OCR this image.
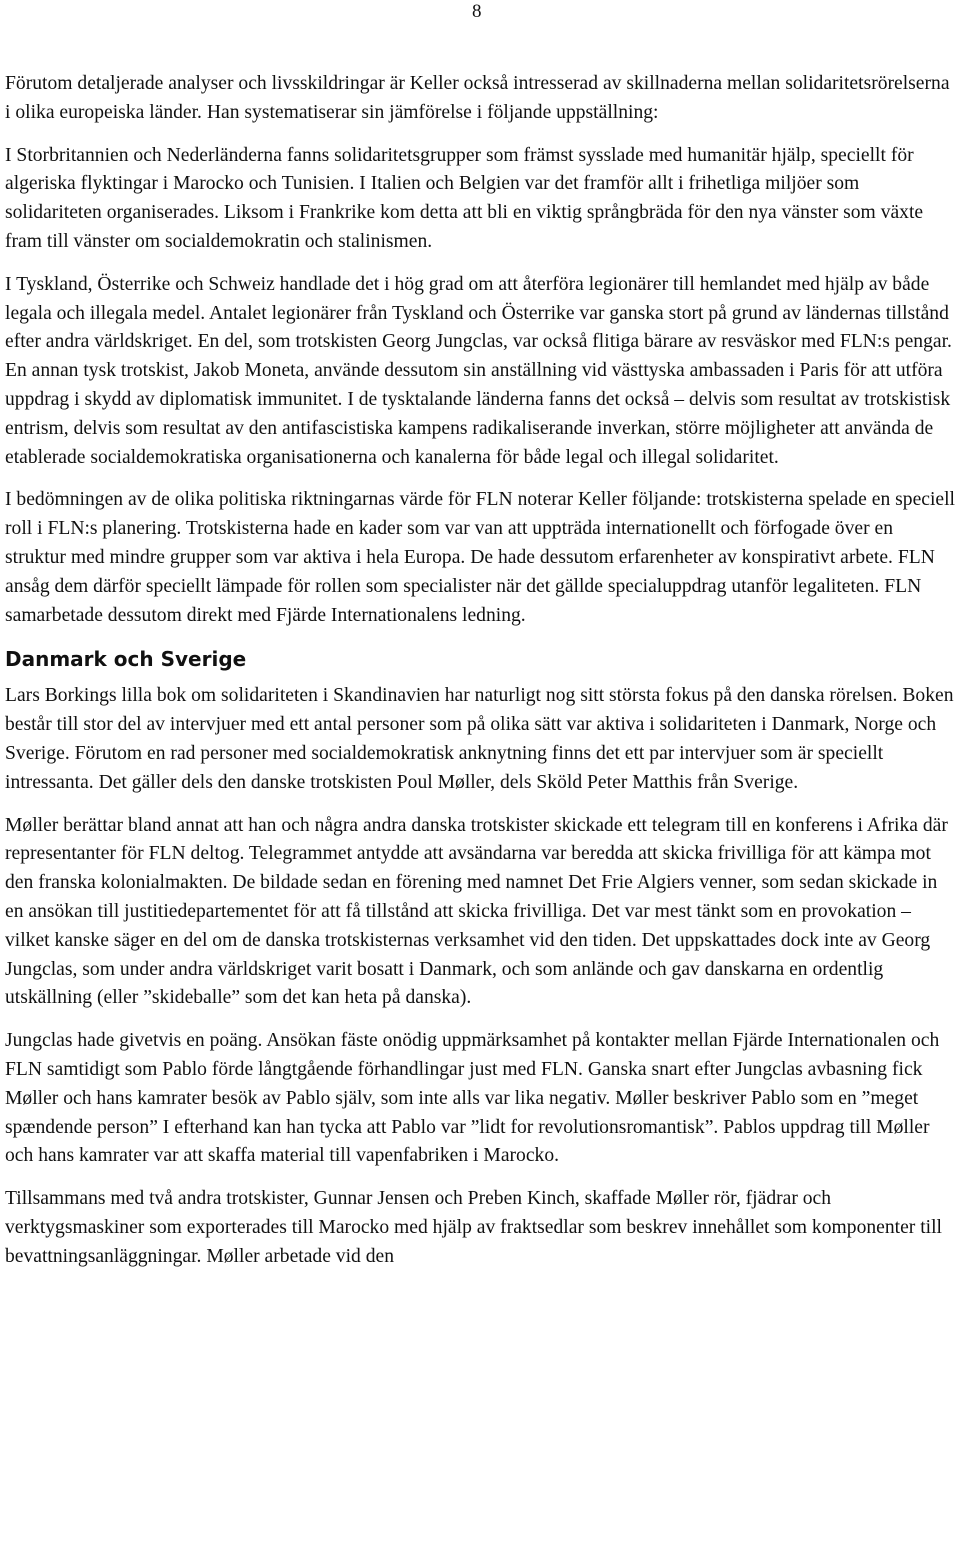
8

Förutom detaljerade analyser och livsskildringar är Keller också intresserad av skillnaderna mellan solidaritetsrörelserna i olika europeiska länder. Han systematiserar sin jämförelse i följande uppställning:

I Storbritannien och Nederländerna fanns solidaritetsgrupper som främst sysslade med humanitär hjälp, speciellt för algeriska flyktingar i Marocko och Tunisien. I Italien och Belgien var det framför allt i frihetliga miljöer som solidariteten organiserades. Liksom i Frankrike kom detta att bli en viktig språngbräda för den nya vänster som växte fram till vänster om socialdemokratin och stalinismen.

I Tyskland, Österrike och Schweiz handlade det i hög grad om att återföra legionärer till hemlandet med hjälp av både legala och illegala medel. Antalet legionärer från Tyskland och Österrike var ganska stort på grund av ländernas tillstånd efter andra världskriget. En del, som trotskisten Georg Jungclas, var också flitiga bärare av resväskor med FLN:s pengar. En annan tysk trotskist, Jakob Moneta, använde dessutom sin anställning vid västtyska ambassaden i Paris för att utföra uppdrag i skydd av diplomatisk immunitet. I de tysktalande länderna fanns det också – delvis som resultat av trotskistisk entrism, delvis som resultat av den antifascistiska kampens radikaliserande inverkan, större möjligheter att använda de etablerade socialdemokratiska organisationerna och kanalerna för både legal och illegal solidaritet.

I bedömningen av de olika politiska riktningarnas värde för FLN noterar Keller följande: trotskisterna spelade en speciell roll i FLN:s planering. Trotskisterna hade en kader som var van att uppträda internationellt och förfogade över en struktur med mindre grupper som var aktiva i hela Europa. De hade dessutom erfarenheter av konspirativt arbete. FLN ansåg dem därför speciellt lämpade för rollen som specialister när det gällde specialuppdrag utanför legaliteten. FLN samarbetade dessutom direkt med Fjärde Internationalens ledning.

Danmark och Sverige

Lars Borkings lilla bok om solidariteten i Skandinavien har naturligt nog sitt största fokus på den danska rörelsen. Boken består till stor del av intervjuer med ett antal personer som på olika sätt var aktiva i solidariteten i Danmark, Norge och Sverige. Förutom en rad personer med socialdemokratisk anknytning finns det ett par intervjuer som är speciellt intressanta. Det gäller dels den danske trotskisten Poul Møller, dels Sköld Peter Matthis från Sverige.

Møller berättar bland annat att han och några andra danska trotskister skickade ett telegram till en konferens i Afrika där representanter för FLN deltog. Telegrammet antydde att avsändarna var beredda att skicka frivilliga för att kämpa mot den franska kolonialmakten. De bildade sedan en förening med namnet Det Frie Algiers venner, som sedan skickade in en ansökan till justitiedepartementet för att få tillstånd att skicka frivilliga. Det var mest tänkt som en provokation – vilket kanske säger en del om de danska trotskisternas verksamhet vid den tiden. Det uppskattades dock inte av Georg Jungclas, som under andra världskriget varit bosatt i Danmark, och som anlände och gav danskarna en ordentlig utskällning (eller ”skideballe” som det kan heta på danska).

Jungclas hade givetvis en poäng. Ansökan fäste onödig uppmärksamhet på kontakter mellan Fjärde Internationalen och FLN samtidigt som Pablo förde långtgående förhandlingar just med FLN. Ganska snart efter Jungclas avbasning fick Møller och hans kamrater besök av Pablo själv, som inte alls var lika negativ. Møller beskriver Pablo som en ”meget spændende person” I efterhand kan han tycka att Pablo var ”lidt for revolutionsromantisk”. Pablos uppdrag till Møller och hans kamrater var att skaffa material till vapenfabriken i Marocko.

Tillsammans med två andra trotskister, Gunnar Jensen och Preben Kinch, skaffade Møller rör, fjädrar och verktygsmaskiner som exporterades till Marocko med hjälp av fraktsedlar som beskrev innehållet som komponenter till bevattningsanläggningar. Møller arbetade vid den
